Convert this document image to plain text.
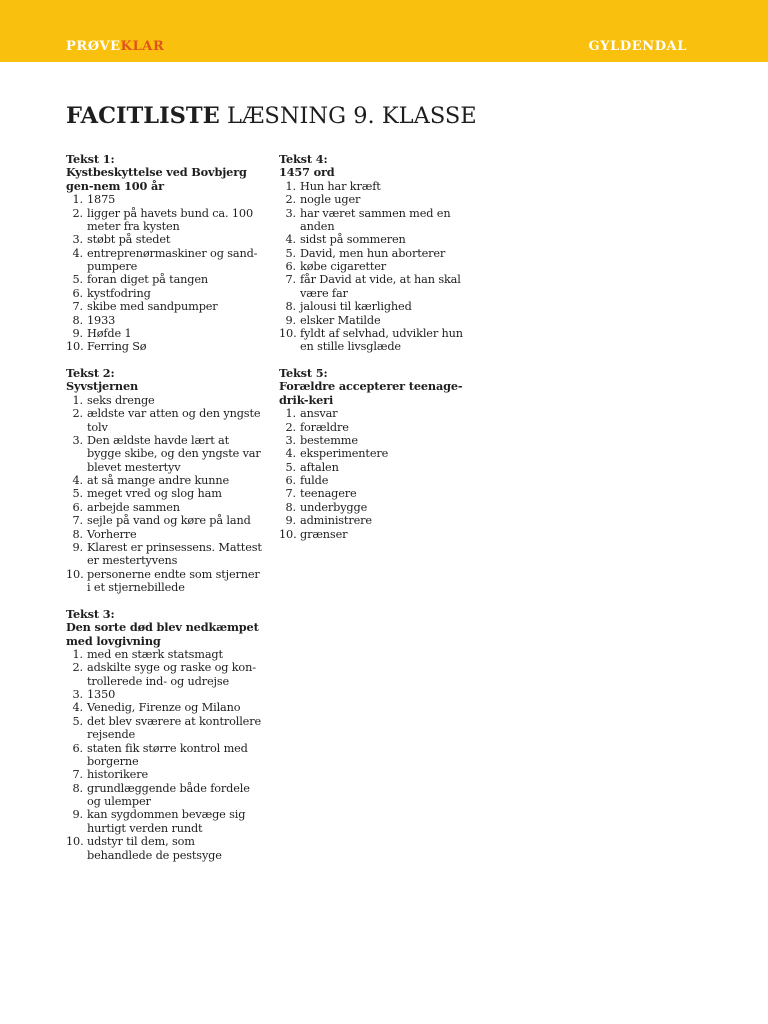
PRØVEKLAR	GYLDENDAL
FACITLISTE LÆSNING 9. KLASSE
Tekst 1:
Kystbeskyttelse ved Bovbjerg gen-nem 100 år
1. 1875
2. ligger på havets bund ca. 100 meter fra kysten
3. støbt på stedet
4. entreprenørmaskiner og sand-pumpere
5. foran diget på tangen
6. kystfodring
7. skibe med sandpumper
8. 1933
9. Høfde 1
10. Ferring Sø
Tekst 2:
Syvstjernen
1. seks drenge
2. ældste var atten og den yngste tolv
3. Den ældste havde lært at bygge skibe, og den yngste var blevet mestertyv
4. at så mange andre kunne
5. meget vred og slog ham
6. arbejde sammen
7. sejle på vand og køre på land
8. Vorherre
9. Klarest er prinsessens. Mattest er mestertyvens
10. personerne endte som stjerner i et stjernebillede
Tekst 3:
Den sorte død blev nedkæmpet med lovgivning
1. med en stærk statsmagt
2. adskilte syge og raske og kon-trollerede ind- og udrejse
3. 1350
4. Venedig, Firenze og Milano
5. det blev sværere at kontrollere rejsende
6. staten fik større kontrol med borgerne
7. historikere
8. grundlæggende både fordele og ulemper
9. kan sygdommen bevæge sig hurtigt verden rundt
10. udstyr til dem, som behandlede de pestsyge
Tekst 4:
1457 ord
1. Hun har kræft
2. nogle uger
3. har været sammen med en anden
4. sidst på sommeren
5. David, men hun aborterer
6. købe cigaretter
7. får David at vide, at han skal være far
8. jalousi til kærlighed
9. elsker Matilde
10. fyldt af selvhad, udvikler hun en stille livsglæde
Tekst 5:
Forældre accepterer teenage-drik-keri
1. ansvar
2. forældre
3. bestemme
4. eksperimentere
5. aftalen
6. fulde
7. teenagere
8. underbygge
9. administrere
10. grænser
